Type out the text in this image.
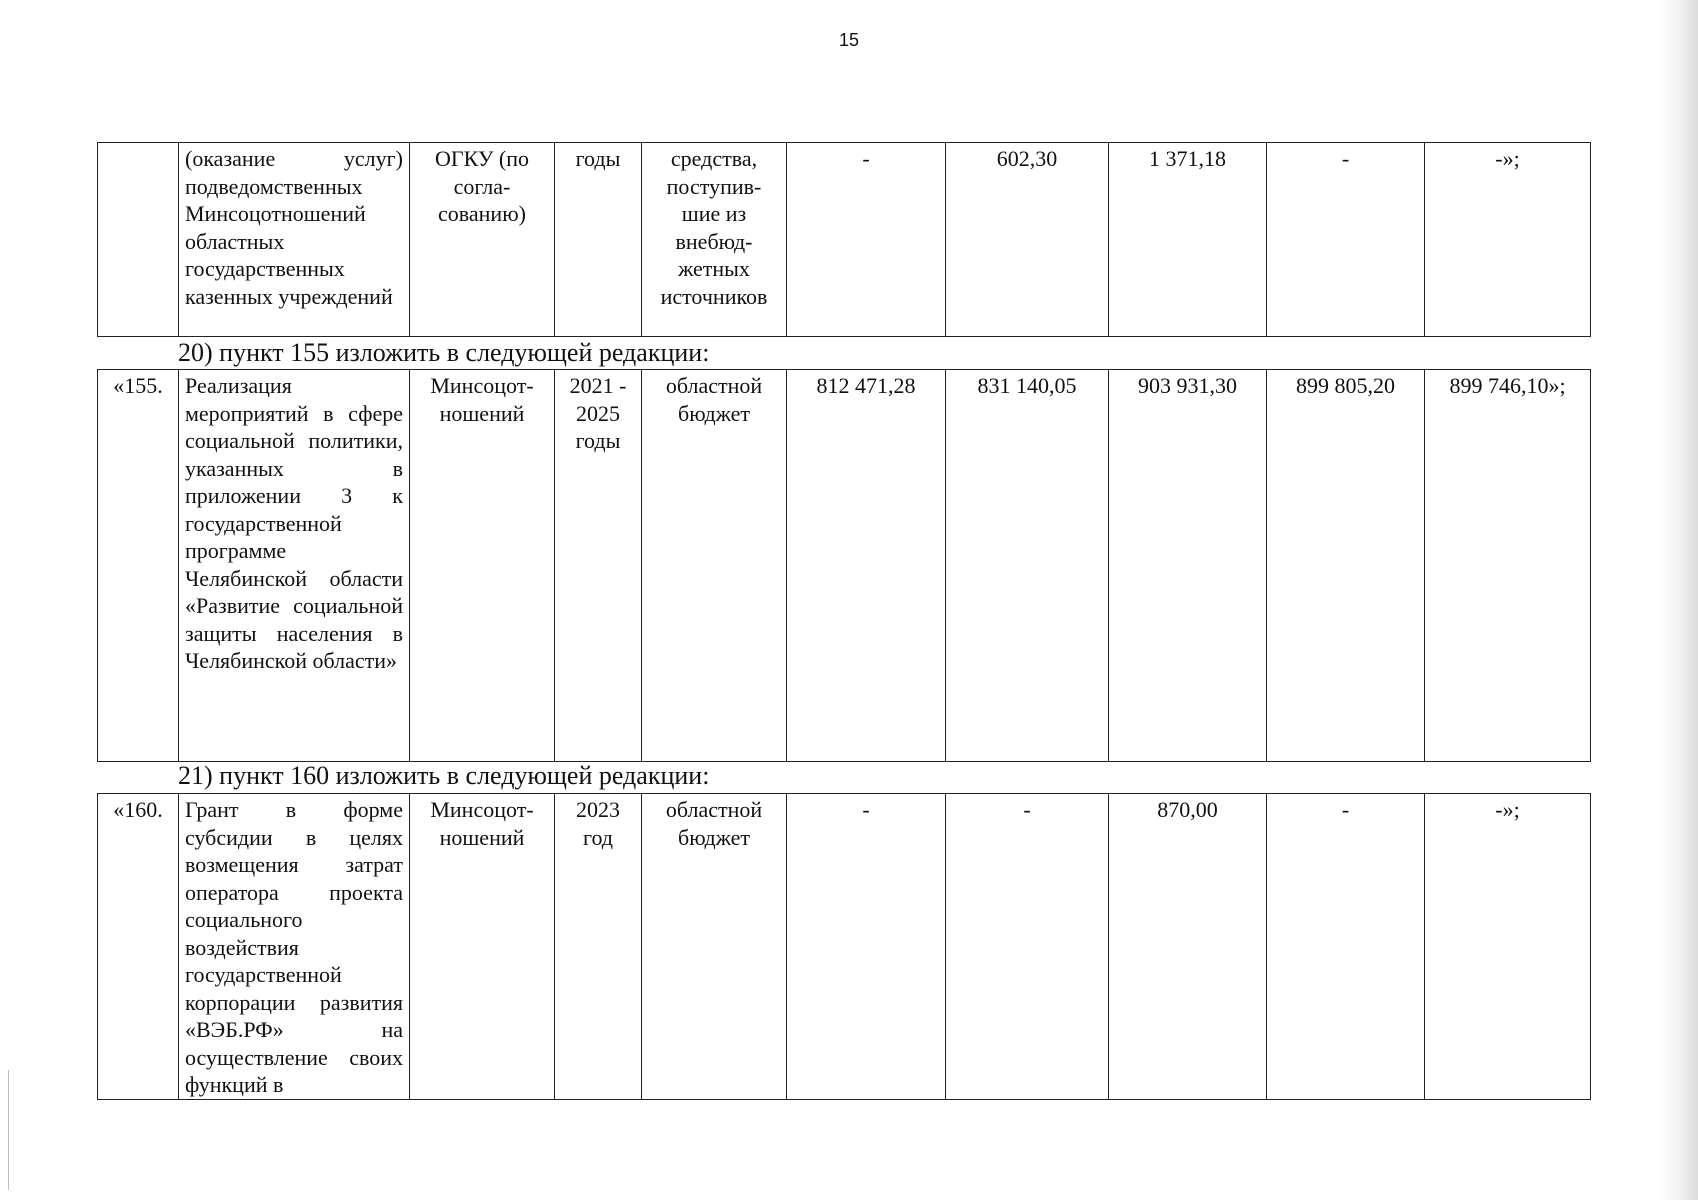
15
	(оказание услуг) подведомственных Минсоцотношений областных государственных казенных учреждений	ОГКУ (по согла-сованию)	годы	средства, поступив-шие из внебюд-жетных источников	-	602,30	1 371,18	-	-»;
20) пункт 155 изложить в следующей редакции:
«155.	Реализация мероприятий в сфере социальной политики, указанных в приложении 3 к государственной программе Челябинской области «Развитие социальной защиты населения в Челябинской области»	Минсоцот-ношений	2021 - 2025 годы	областной бюджет	812 471,28	831 140,05	903 931,30	899 805,20	899 746,10»;
21) пункт 160 изложить в следующей редакции:
«160.	Грант в форме субсидии в целях возмещения затрат оператора проекта социального воздействия государственной корпорации развития «ВЭБ.РФ» на осуществление своих функций в	Минсоцот-ношений	2023 год	областной бюджет	-	-	870,00	-	-»;
